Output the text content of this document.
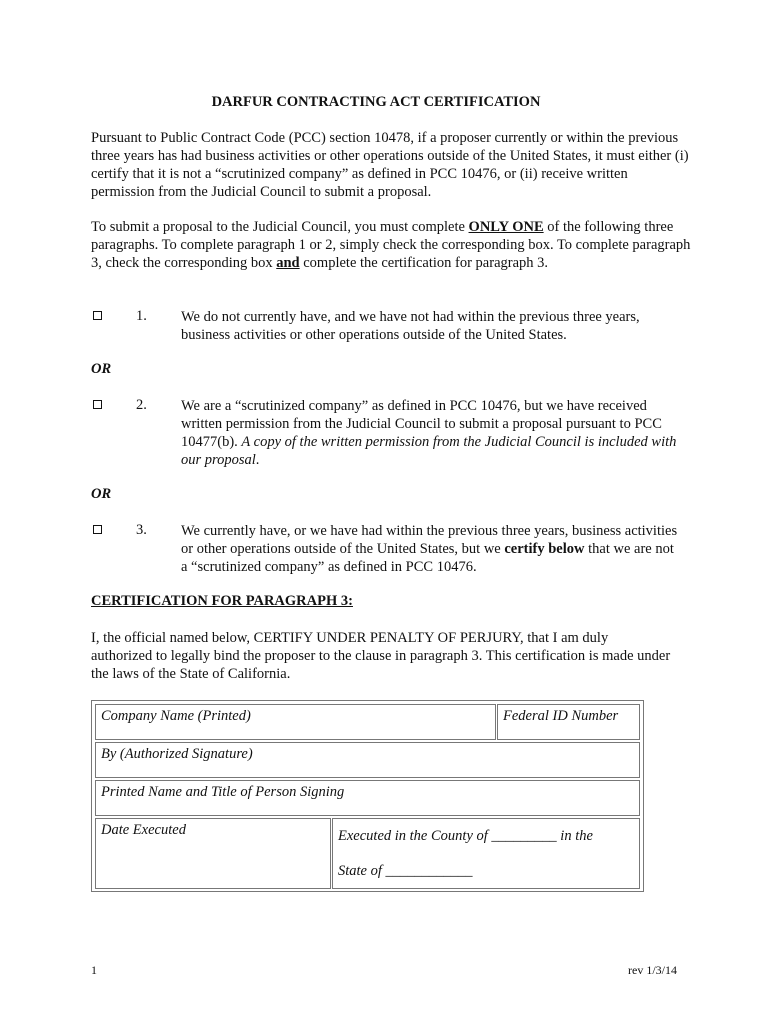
DARFUR CONTRACTING ACT CERTIFICATION

Pursuant to Public Contract Code (PCC) section 10478, if a proposer currently or within the previous three years has had business activities or other operations outside of the United States, it must either (i) certify that it is not a “scrutinized company” as defined in PCC 10476, or (ii) receive written permission from the Judicial Council to submit a proposal.

To submit a proposal to the Judicial Council, you must complete ONLY ONE of the following three paragraphs. To complete paragraph 1 or 2, simply check the corresponding box. To complete paragraph 3, check the corresponding box and complete the certification for paragraph 3.

1. We do not currently have, and we have not had within the previous three years, business activities or other operations outside of the United States.
OR
2. We are a “scrutinized company” as defined in PCC 10476, but we have received written permission from the Judicial Council to submit a proposal pursuant to PCC 10477(b). A copy of the written permission from the Judicial Council is included with our proposal.
OR
3. We currently have, or we have had within the previous three years, business activities or other operations outside of the United States, but we certify below that we are not a “scrutinized company” as defined in PCC 10476.
CERTIFICATION FOR PARAGRAPH 3:

I, the official named below, CERTIFY UNDER PENALTY OF PERJURY, that I am duly authorized to legally bind the proposer to the clause in paragraph 3. This certification is made under the laws of the State of California.

Company Name (Printed)	Federal ID Number
By (Authorized Signature)
Printed Name and Title of Person Signing
Date Executed	Executed in the County of _________ in the
State of ____________
1	rev 1/3/14
